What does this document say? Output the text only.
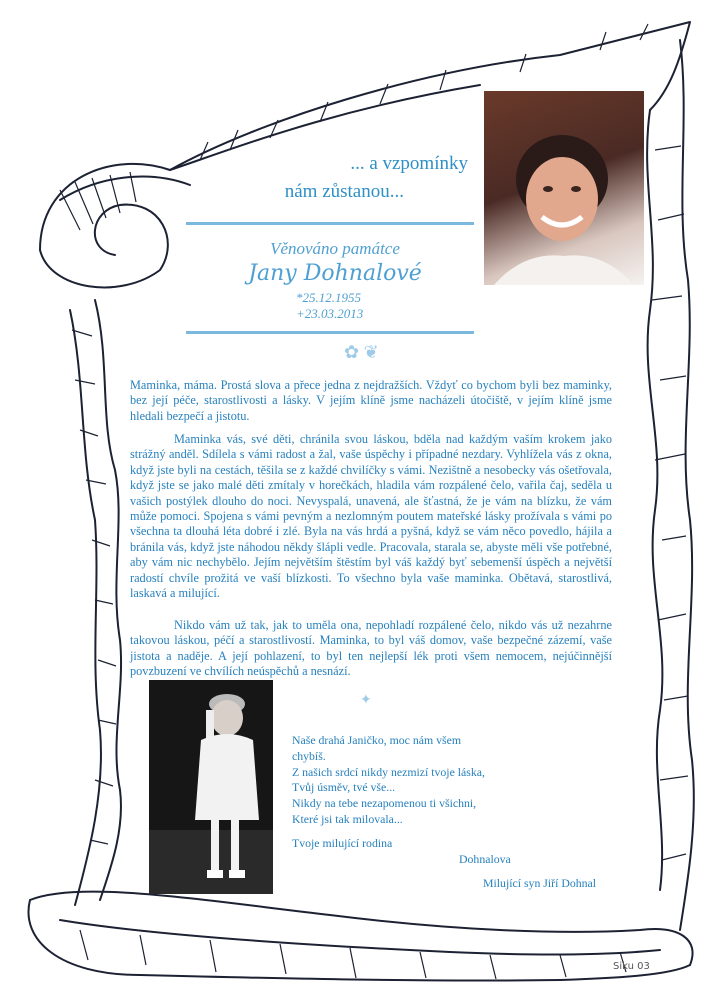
... a vzpomínky
nám zůstanou...
Věnováno památce
Jany Dohnalové
*25.12.1955
+23.03.2013
✿ ❦
Maminka, máma. Prostá slova a přece jedna z nejdražších. Vždyť co bychom byli bez maminky, bez její péče, starostlivosti a lásky. V jejím klíně jsme nacházeli útočiště, v jejím klíně jsme hledali bezpečí a jistotu.
Maminka vás, své děti, chránila svou láskou, bděla nad každým vaším krokem jako strážný anděl. Sdílela s vámi radost a žal, vaše úspěchy i případné nezdary. Vyhlížela vás z okna, když jste byli na cestách, těšila se z každé chvilíčky s vámi. Nezištně a nesobecky vás ošetřovala, když jste se jako malé děti zmítaly v horečkách, hladila vám rozpálené čelo, vařila čaj, seděla u vašich postýlek dlouho do noci. Nevyspalá, unavená, ale šťastná, že je vám na blízku, že vám může pomoci. Spojena s vámi pevným a nezlomným poutem mateřské lásky prožívala s vámi po všechna ta dlouhá léta dobré i zlé. Byla na vás hrdá a pyšná, když se vám něco povedlo, hájila a bránila vás, když jste náhodou někdy šlápli vedle. Pracovala, starala se, abyste měli vše potřebné, aby vám nic nechybělo. Jejím největším štěstím byl váš každý byť sebemenší úspěch a největší radostí chvíle prožitá ve vaší blízkosti. To všechno byla vaše maminka. Obětavá, starostlivá, laskavá a milující.
Nikdo vám už tak, jak to uměla ona, nepohladí rozpálené čelo, nikdo vás už nezahrne takovou láskou, péčí a starostlivostí. Maminka, to byl váš domov, vaše bezpečné zázemí, vaše jistota a naděje. A její pohlazení, to byl ten nejlepší lék proti všem nemocem, nejúčinnější povzbuzení ve chvílích neúspěchů a nesnází.
✦
Naše drahá Janičko, moc nám všem
chybíš.
Z našich srdcí nikdy nezmizí tvoje láska,
Tvůj úsměv, tvé vše...
Nikdy na tebe nezapomenou ti všichni,
Které jsi tak milovala...
Tvoje milující rodina
Dohnalova
Milující syn Jiří Dohnal
Siku 03
